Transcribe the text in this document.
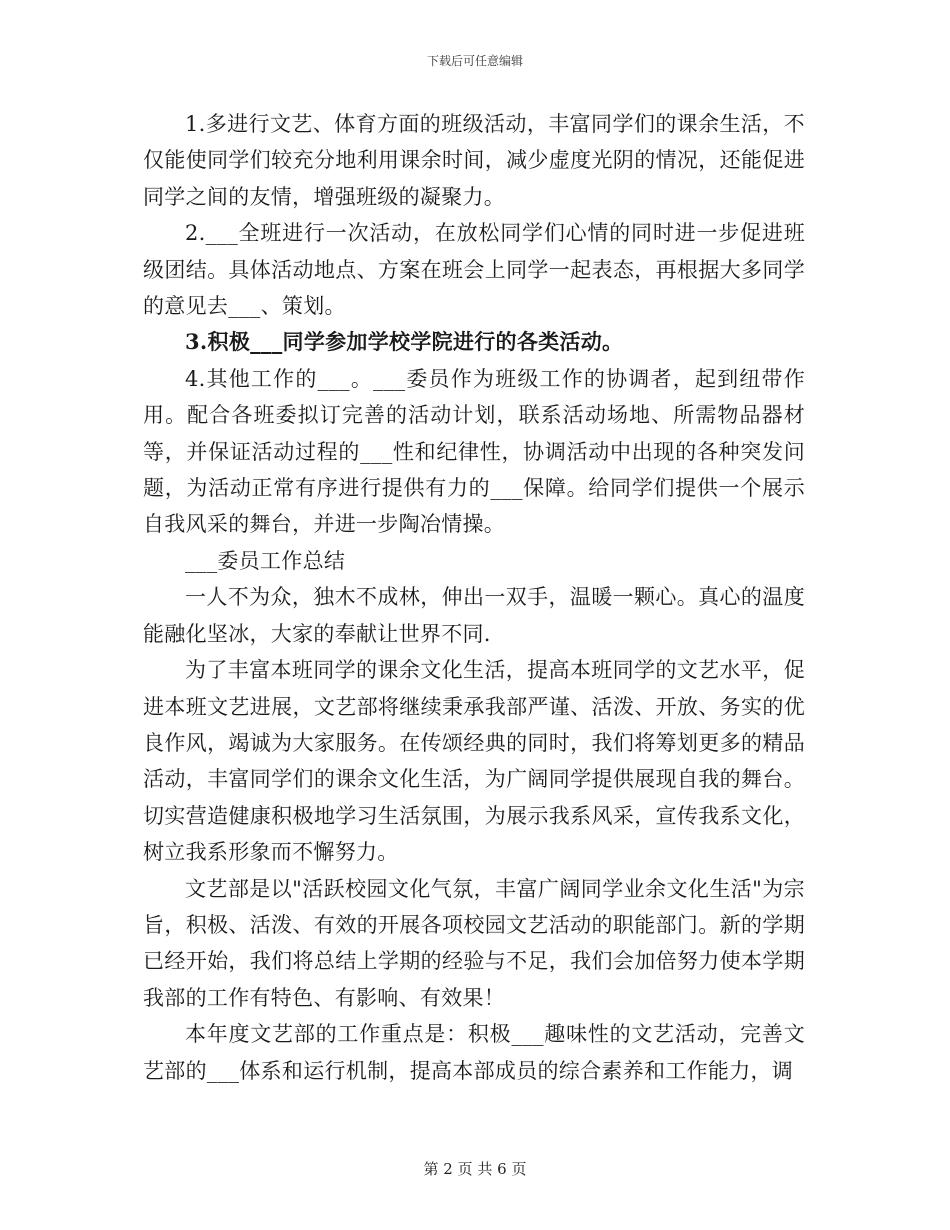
下载后可任意编辑

1.多进行文艺、体育方面的班级活动，丰富同学们的课余生活，不仅能使同学们较充分地利用课余时间，减少虚度光阴的情况，还能促进同学之间的友情，增强班级的凝聚力。

2.___全班进行一次活动，在放松同学们心情的同时进一步促进班级团结。具体活动地点、方案在班会上同学一起表态，再根据大多同学的意见去___、策划。

3.积极___同学参加学校学院进行的各类活动。

4.其他工作的___。___委员作为班级工作的协调者，起到纽带作用。配合各班委拟订完善的活动计划，联系活动场地、所需物品器材等，并保证活动过程的___性和纪律性，协调活动中出现的各种突发问题，为活动正常有序进行提供有力的___保障。给同学们提供一个展示自我风采的舞台，并进一步陶冶情操。

___委员工作总结

一人不为众，独木不成林，伸出一双手，温暖一颗心。真心的温度能融化坚冰，大家的奉献让世界不同.

为了丰富本班同学的课余文化生活，提高本班同学的文艺水平，促进本班文艺进展，文艺部将继续秉承我部严谨、活泼、开放、务实的优良作风，竭诚为大家服务。在传颂经典的同时，我们将筹划更多的精品活动，丰富同学们的课余文化生活，为广阔同学提供展现自我的舞台。切实营造健康积极地学习生活氛围，为展示我系风采，宣传我系文化，树立我系形象而不懈努力。

文艺部是以"活跃校园文化气氛，丰富广阔同学业余文化生活"为宗旨，积极、活泼、有效的开展各项校园文艺活动的职能部门。新的学期已经开始，我们将总结上学期的经验与不足，我们会加倍努力使本学期我部的工作有特色、有影响、有效果！

本年度文艺部的工作重点是：积极___趣味性的文艺活动，完善文艺部的___体系和运行机制，提高本部成员的综合素养和工作能力，调

第 2 页 共 6 页
